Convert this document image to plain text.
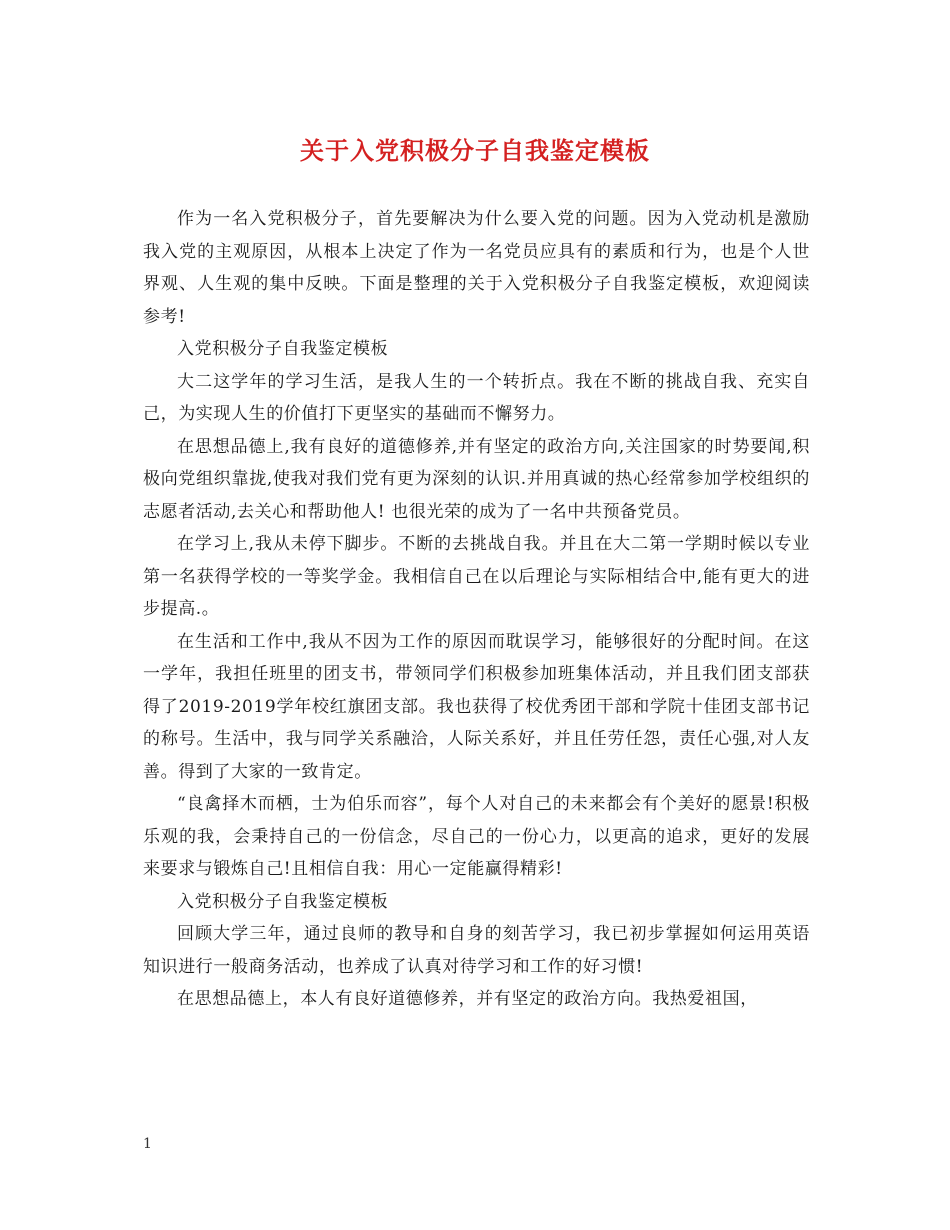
关于入党积极分子自我鉴定模板

作为一名入党积极分子，首先要解决为什么要入党的问题。因为入党动机是激励我入党的主观原因，从根本上决定了作为一名党员应具有的素质和行为，也是个人世界观、人生观的集中反映。下面是整理的关于入党积极分子自我鉴定模板，欢迎阅读参考!

入党积极分子自我鉴定模板

大二这学年的学习生活，是我人生的一个转折点。我在不断的挑战自我、充实自己，为实现人生的价值打下更坚实的基础而不懈努力。

在思想品德上,我有良好的道德修养,并有坚定的政治方向,关注国家的时势要闻,积极向党组织靠拢,使我对我们党有更为深刻的认识.并用真诚的热心经常参加学校组织的志愿者活动,去关心和帮助他人! 也很光荣的成为了一名中共预备党员。

在学习上,我从未停下脚步。不断的去挑战自我。并且在大二第一学期时候以专业第一名获得学校的一等奖学金。我相信自己在以后理论与实际相结合中,能有更大的进步提高.。

在生活和工作中,我从不因为工作的原因而耽误学习，能够很好的分配时间。在这一学年，我担任班里的团支书，带领同学们积极参加班集体活动，并且我们团支部获得了2019-2019学年校红旗团支部。我也获得了校优秀团干部和学院十佳团支部书记的称号。生活中，我与同学关系融洽，人际关系好，并且任劳任怨，责任心强,对人友善。得到了大家的一致肯定。

“良禽择木而栖，士为伯乐而容”，每个人对自己的未来都会有个美好的愿景!积极乐观的我，会秉持自己的一份信念，尽自己的一份心力，以更高的追求，更好的发展来要求与锻炼自己!且相信自我：用心一定能赢得精彩!

入党积极分子自我鉴定模板

回顾大学三年，通过良师的教导和自身的刻苦学习，我已初步掌握如何运用英语知识进行一般商务活动，也养成了认真对待学习和工作的好习惯!

在思想品德上，本人有良好道德修养，并有坚定的政治方向。我热爱祖国，

1
